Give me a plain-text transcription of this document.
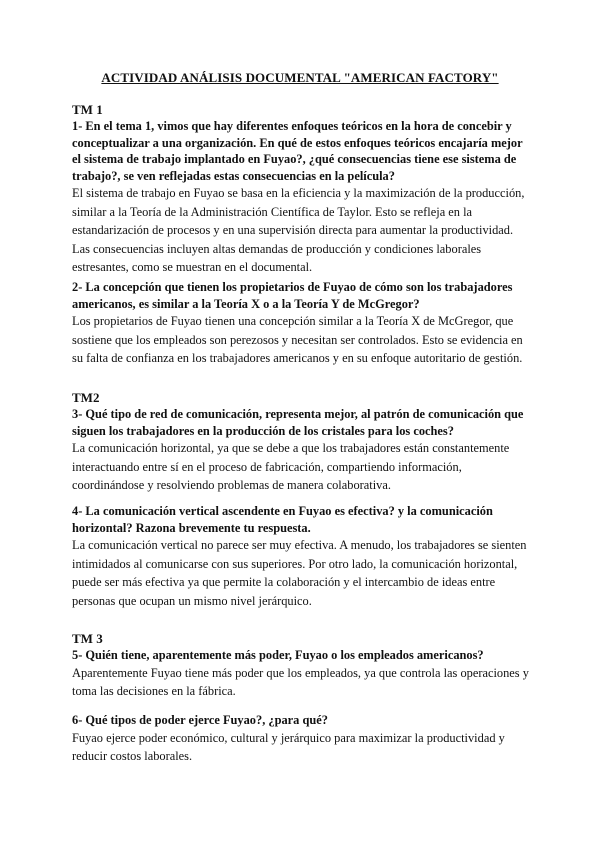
ACTIVIDAD ANÁLISIS DOCUMENTAL "AMERICAN FACTORY"

TM 1

1- En el tema 1, vimos que hay diferentes enfoques teóricos en la hora de concebir y conceptualizar a una organización. En qué de estos enfoques teóricos encajaría mejor el sistema de trabajo implantado en Fuyao?, ¿qué consecuencias tiene ese sistema de trabajo?, se ven reflejadas estas consecuencias en la película?

El sistema de trabajo en Fuyao se basa en la eficiencia y la maximización de la producción, similar a la Teoría de la Administración Científica de Taylor. Esto se refleja en la estandarización de procesos y en una supervisión directa para aumentar la productividad. Las consecuencias incluyen altas demandas de producción y condiciones laborales estresantes, como se muestran en el documental.

2- La concepción que tienen los propietarios de Fuyao de cómo son los trabajadores americanos, es similar a la Teoría X o a la Teoría Y de McGregor?

Los propietarios de Fuyao tienen una concepción similar a la Teoría X de McGregor, que sostiene que los empleados son perezosos y necesitan ser controlados. Esto se evidencia en su falta de confianza en los trabajadores americanos y en su enfoque autoritario de gestión.

TM2

3- Qué tipo de red de comunicación, representa mejor, al patrón de comunicación que siguen los trabajadores en la producción de los cristales para los coches?

La comunicación horizontal, ya que se debe a que los trabajadores están constantemente interactuando entre sí en el proceso de fabricación, compartiendo información, coordinándose y resolviendo problemas de manera colaborativa.

4- La comunicación vertical ascendente en Fuyao es efectiva? y la comunicación horizontal? Razona brevemente tu respuesta.

La comunicación vertical no parece ser muy efectiva. A menudo, los trabajadores se sienten intimidados al comunicarse con sus superiores. Por otro lado, la comunicación horizontal, puede ser más efectiva ya que permite la colaboración y el intercambio de ideas entre personas que ocupan un mismo nivel jerárquico.

TM 3

5- Quién tiene, aparentemente más poder, Fuyao o los empleados americanos?

Aparentemente Fuyao tiene más poder que los empleados, ya que controla las operaciones y toma las decisiones en la fábrica.

6- Qué tipos de poder ejerce Fuyao?, ¿para qué?

Fuyao ejerce poder económico, cultural y jerárquico para maximizar la productividad y reducir costos laborales.
